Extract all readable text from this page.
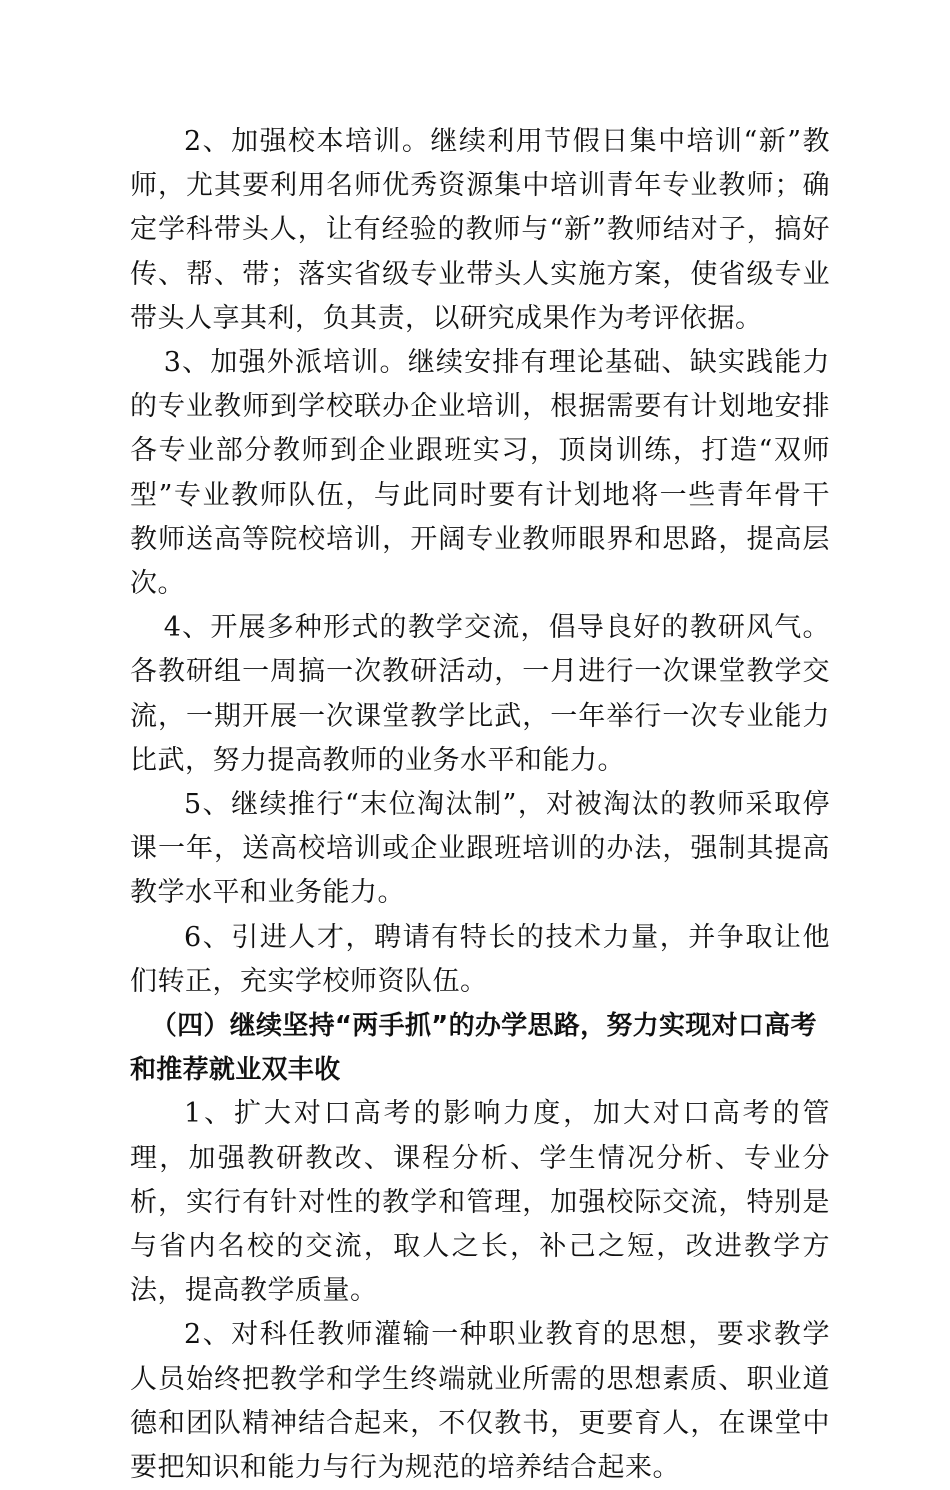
2、加强校本培训。继续利用节假日集中培训“新”教师，尤其要利用名师优秀资源集中培训青年专业教师；确定学科带头人，让有经验的教师与“新”教师结对子，搞好传、帮、带；落实省级专业带头人实施方案，使省级专业带头人享其利，负其责，以研究成果作为考评依据。

3、加强外派培训。继续安排有理论基础、缺实践能力的专业教师到学校联办企业培训，根据需要有计划地安排各专业部分教师到企业跟班实习，顶岗训练，打造“双师型”专业教师队伍，与此同时要有计划地将一些青年骨干教师送高等院校培训，开阔专业教师眼界和思路，提高层次。

4、开展多种形式的教学交流，倡导良好的教研风气。各教研组一周搞一次教研活动，一月进行一次课堂教学交流，一期开展一次课堂教学比武，一年举行一次专业能力比武，努力提高教师的业务水平和能力。

5、继续推行“末位淘汰制”，对被淘汰的教师采取停课一年，送高校培训或企业跟班培训的办法，强制其提高教学水平和业务能力。

6、引进人才，聘请有特长的技术力量，并争取让他们转正，充实学校师资队伍。

（四）继续坚持“两手抓”的办学思路，努力实现对口高考和推荐就业双丰收

1、扩大对口高考的影响力度，加大对口高考的管理，加强教研教改、课程分析、学生情况分析、专业分析，实行有针对性的教学和管理，加强校际交流，特别是与省内名校的交流，取人之长，补己之短，改进教学方法，提高教学质量。

2、对科任教师灌输一种职业教育的思想，要求教学人员始终把教学和学生终端就业所需的思想素质、职业道德和团队精神结合起来，不仅教书，更要育人，在课堂中要把知识和能力与行为规范的培养结合起来。
